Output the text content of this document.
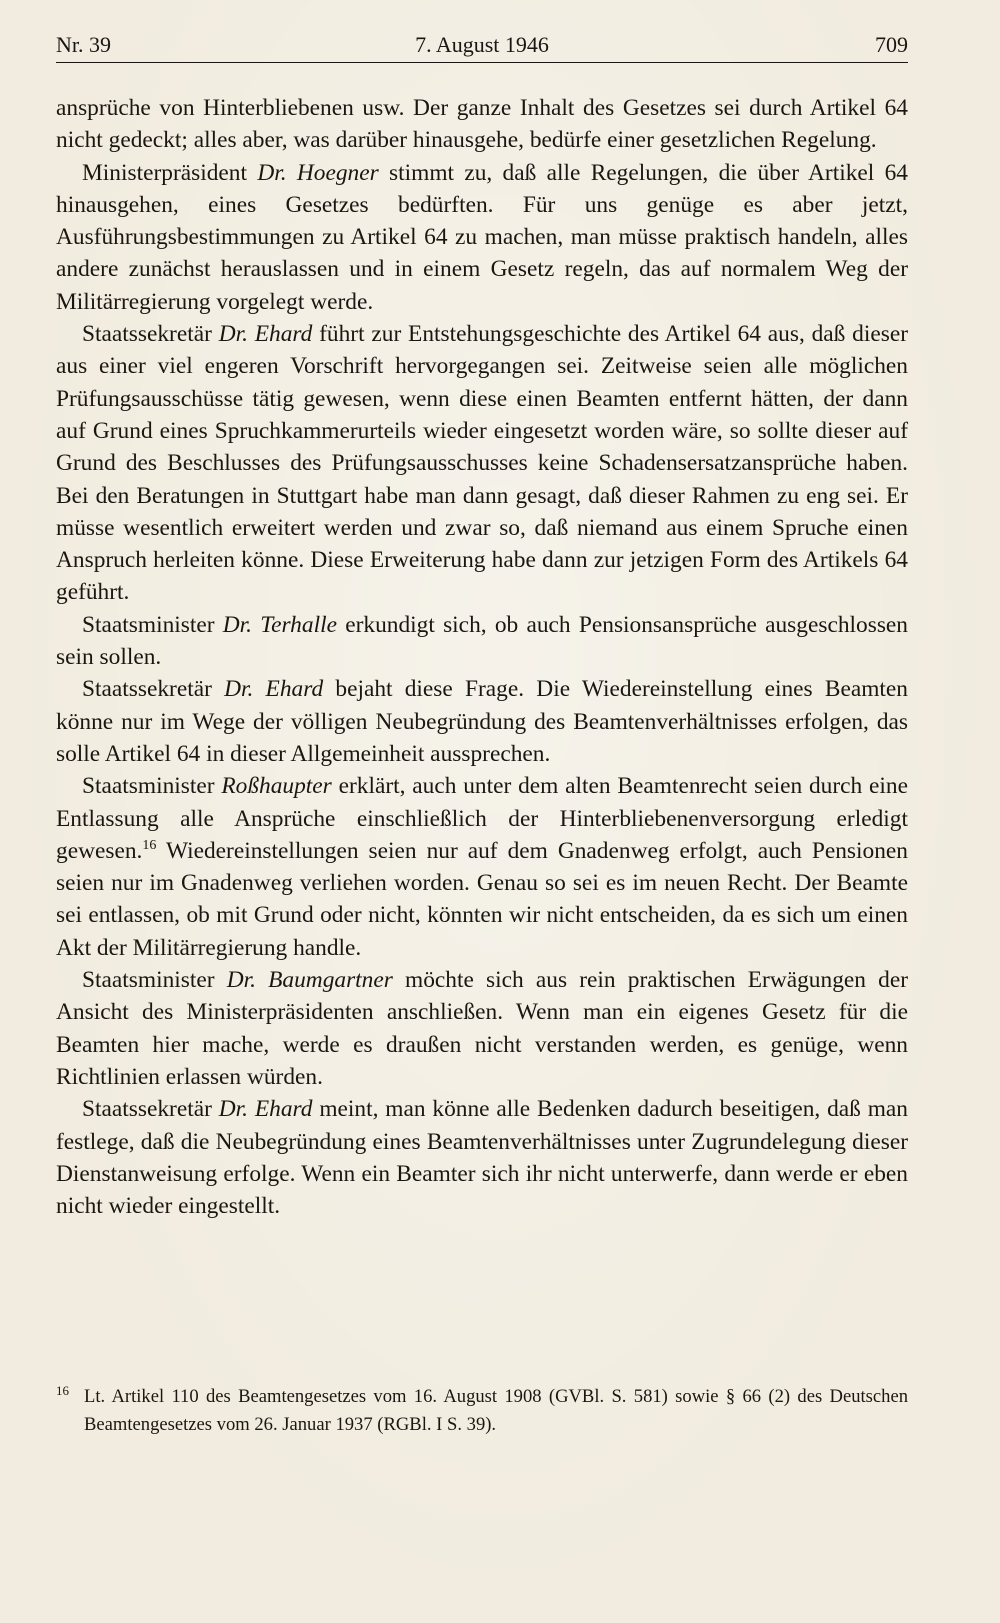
Nr. 39	7. August 1946	709

ansprüche von Hinterbliebenen usw. Der ganze Inhalt des Gesetzes sei durch Artikel 64 nicht gedeckt; alles aber, was darüber hinausgehe, bedürfe einer gesetzlichen Regelung.

Ministerpräsident Dr. Hoegner stimmt zu, daß alle Regelungen, die über Artikel 64 hinausgehen, eines Gesetzes bedürften. Für uns genüge es aber jetzt, Ausführungsbestimmungen zu Artikel 64 zu machen, man müsse praktisch handeln, alles andere zunächst herauslassen und in einem Gesetz regeln, das auf normalem Weg der Militärregierung vorgelegt werde.

Staatssekretär Dr. Ehard führt zur Entstehungsgeschichte des Artikel 64 aus, daß dieser aus einer viel engeren Vorschrift hervorgegangen sei. Zeitweise seien alle möglichen Prüfungsausschüsse tätig gewesen, wenn diese einen Beamten entfernt hätten, der dann auf Grund eines Spruchkammerurteils wieder eingesetzt worden wäre, so sollte dieser auf Grund des Beschlusses des Prüfungsausschusses keine Schadensersatzansprüche haben. Bei den Beratungen in Stuttgart habe man dann gesagt, daß dieser Rahmen zu eng sei. Er müsse wesentlich erweitert werden und zwar so, daß niemand aus einem Spruche einen Anspruch herleiten könne. Diese Erweiterung habe dann zur jetzigen Form des Artikels 64 geführt.

Staatsminister Dr. Terhalle erkundigt sich, ob auch Pensionsansprüche ausgeschlossen sein sollen.

Staatssekretär Dr. Ehard bejaht diese Frage. Die Wiedereinstellung eines Beamten könne nur im Wege der völligen Neubegründung des Beamtenverhältnisses erfolgen, das solle Artikel 64 in dieser Allgemeinheit aussprechen.

Staatsminister Roßhaupter erklärt, auch unter dem alten Beamtenrecht seien durch eine Entlassung alle Ansprüche einschließlich der Hinterbliebenenversorgung erledigt gewesen.$^{16}$ Wiedereinstellungen seien nur auf dem Gnadenweg erfolgt, auch Pensionen seien nur im Gnadenweg verliehen worden. Genau so sei es im neuen Recht. Der Beamte sei entlassen, ob mit Grund oder nicht, könnten wir nicht entscheiden, da es sich um einen Akt der Militärregierung handle.

Staatsminister Dr. Baumgartner möchte sich aus rein praktischen Erwägungen der Ansicht des Ministerpräsidenten anschließen. Wenn man ein eigenes Gesetz für die Beamten hier mache, werde es draußen nicht verstanden werden, es genüge, wenn Richtlinien erlassen würden.

Staatssekretär Dr. Ehard meint, man könne alle Bedenken dadurch beseitigen, daß man festlege, daß die Neubegründung eines Beamtenverhältnisses unter Zugrundelegung dieser Dienstanweisung erfolge. Wenn ein Beamter sich ihr nicht unterwerfe, dann werde er eben nicht wieder eingestellt.

16 Lt. Artikel 110 des Beamtengesetzes vom 16. August 1908 (GVBl. S. 581) sowie § 66 (2) des Deutschen Beamtengesetzes vom 26. Januar 1937 (RGBl. I S. 39).
